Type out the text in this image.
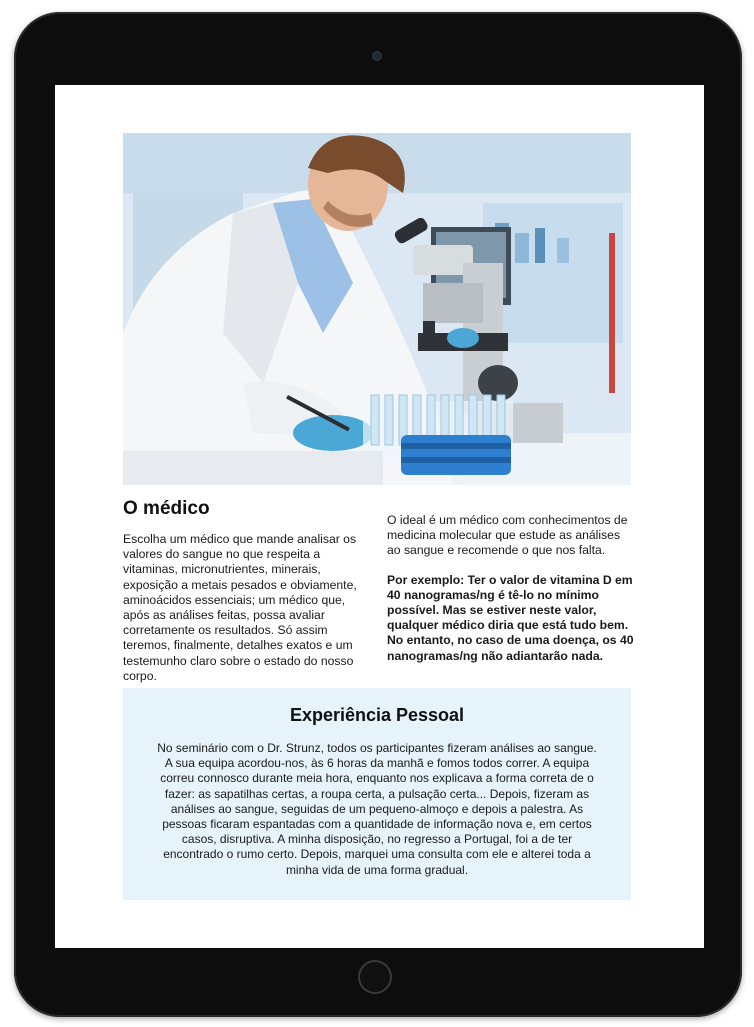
O médico

Escolha um médico que mande analisar os valores do sangue no que respeita a vitaminas, micronutrientes, minerais, exposição a metais pesados e obviamente, aminoácidos essenciais; um médico que, após as análises feitas, possa avaliar corretamente os resultados. Só assim teremos, finalmente, detalhes exatos e um testemunho claro sobre o estado do nosso corpo.

O ideal é um médico com conhecimentos de medicina molecular que estude as análises ao sangue e recomende o que nos falta.

Por exemplo: Ter o valor de vitamina D em 40 nanogramas/ng é tê-lo no mínimo possível. Mas se estiver neste valor, qualquer médico diria que está tudo bem. No entanto, no caso de uma doença, os 40 nanogramas/ng não adiantarão nada.

Experiência Pessoal

No seminário com o Dr. Strunz, todos os participantes fizeram análises ao sangue. A sua equipa acordou-nos, às 6 horas da manhã e fomos todos correr. A equipa correu connosco durante meia hora, enquanto nos explicava a forma correta de o fazer: as sapatilhas certas, a roupa certa, a pulsação certa... Depois, fizeram as análises ao sangue, seguidas de um pequeno-almoço e depois a palestra. As pessoas ficaram espantadas com a quantidade de informação nova e, em certos casos, disruptiva. A minha disposição, no regresso a Portugal, foi a de ter encontrado o rumo certo. Depois, marquei uma consulta com ele e alterei toda a minha vida de uma forma gradual.
